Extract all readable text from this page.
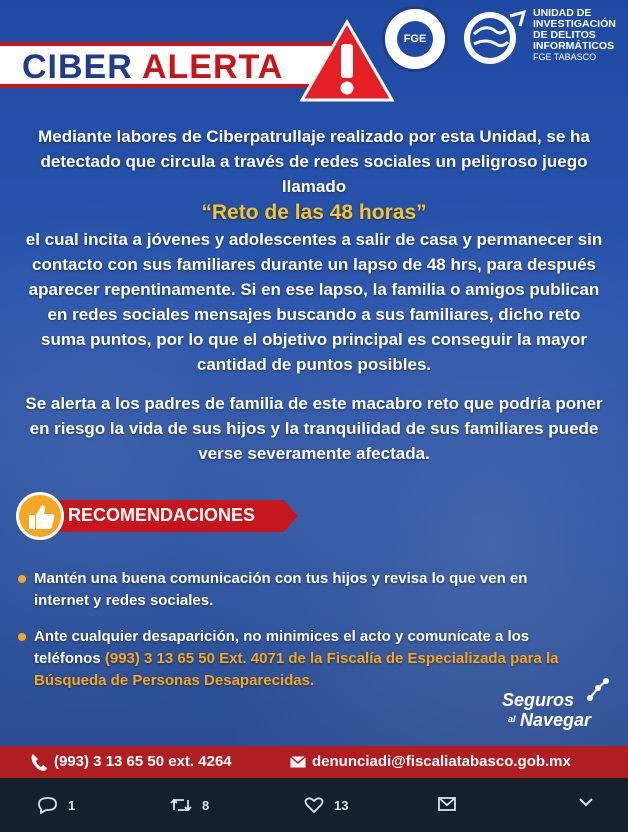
CIBER ALERTA
FGE
UNIDAD DE
INVESTIGACIÓN
DE DELITOS
INFORMÁTICOS
FGE TABASCO
Mediante labores de Ciberpatrullaje realizado por esta Unidad, se ha detectado que circula a través de redes sociales un peligroso juego llamado
“Reto de las 48 horas”
el cual incita a jóvenes y adolescentes a salir de casa y permanecer sin contacto con sus familiares durante un lapso de 48 hrs, para después aparecer repentinamente. Si en ese lapso, la familia o amigos publican en redes sociales mensajes buscando a sus familiares, dicho reto suma puntos, por lo que el objetivo principal es conseguir la mayor cantidad de puntos posibles.
Se alerta a los padres de familia de este macabro reto que podría poner en riesgo la vida de sus hijos y la tranquilidad de sus familiares puede verse severamente afectada.
RECOMENDACIONES
Mantén una buena comunicación con tus hijos y revisa lo que ven en internet y redes sociales.
Ante cualquier desaparición, no minimices el acto y comunícate a los teléfonos (993) 3 13 65 50 Ext. 4071 de la Fiscalía de Especializada para la Búsqueda de Personas Desaparecidas.
Seguros
al Navegar
(993) 3 13 65 50 ext. 4264	denunciadi@fiscaliatabasco.gob.mx
1	8	13
